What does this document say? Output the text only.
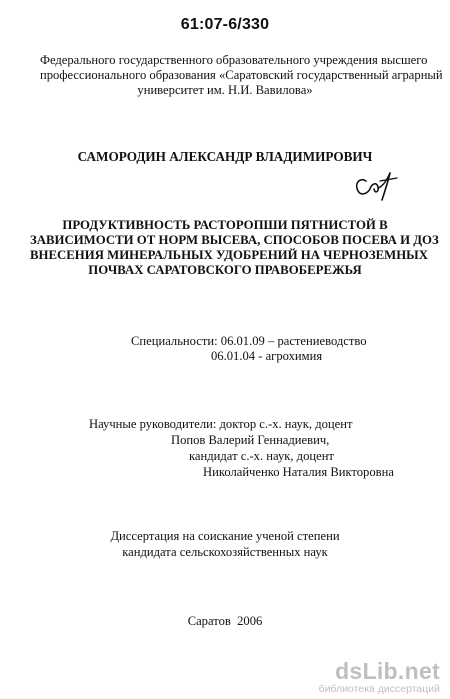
61:07-6/330
Федерального государственного образовательного учреждения высшего
профессионального образования «Саратовский государственный аграрный
университет им. Н.И. Вавилова»
САМОРОДИН АЛЕКСАНДР ВЛАДИМИРОВИЧ
ПРОДУКТИВНОСТЬ РАСТОРОПШИ ПЯТНИСТОЙ В
ЗАВИСИМОСТИ ОТ НОРМ ВЫСЕВА, СПОСОБОВ ПОСЕВА И ДОЗ
ВНЕСЕНИЯ МИНЕРАЛЬНЫХ УДОБРЕНИЙ НА ЧЕРНОЗЕМНЫХ
ПОЧВАХ САРАТОВСКОГО ПРАВОБЕРЕЖЬЯ
Специальности: 06.01.09 – растениеводство
06.01.04 - агрохимия
Научные руководители: доктор с.-х. наук, доцент
Попов Валерий Геннадиевич,
кандидат с.-х. наук, доцент
Николайченко Наталия Викторовна
Диссертация на соискание ученой степени
кандидата сельскохозяйственных наук
Саратов  2006
dsLib.net
библиотека диссертаций
